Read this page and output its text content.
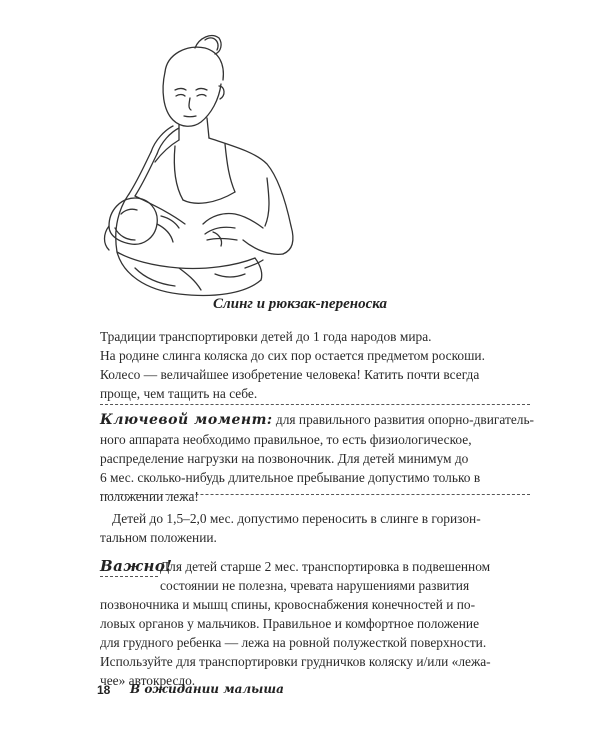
Слинг и рюкзак-переноска
Традиции транспортировки детей до 1 года народов мира.
На родине слинга коляска до сих пор остается предметом роскоши.
Колесо — величайшее изобретение человека! Катить почти всегда
проще, чем тащить на себе.
Ключевой момент: для правильного развития опорно-двигатель-
ного аппарата необходимо правильное, то есть физиологическое,
распределение нагрузки на позвоночник. Для детей минимум до
6 мес. сколько-нибудь длительное пребывание допустимо только в
положении лежа!
Детей до 1,5–2,0 мес. допустимо переносить в слинге в горизон-
тальном положении.
Для детей старше 2 мес. транспортировка в подвешенном
состоянии не полезна, чревата нарушениями развития
позвоночника и мышц спины, кровоснабжения конечностей и по-
ловых органов у мальчиков. Правильное и комфортное положение
для грудного ребенка — лежа на ровной полужесткой поверхности.
Используйте для транспортировки грудничков коляску и/или «лежа-
чее» автокресло.
Важно!
18 В ожидании малыша
